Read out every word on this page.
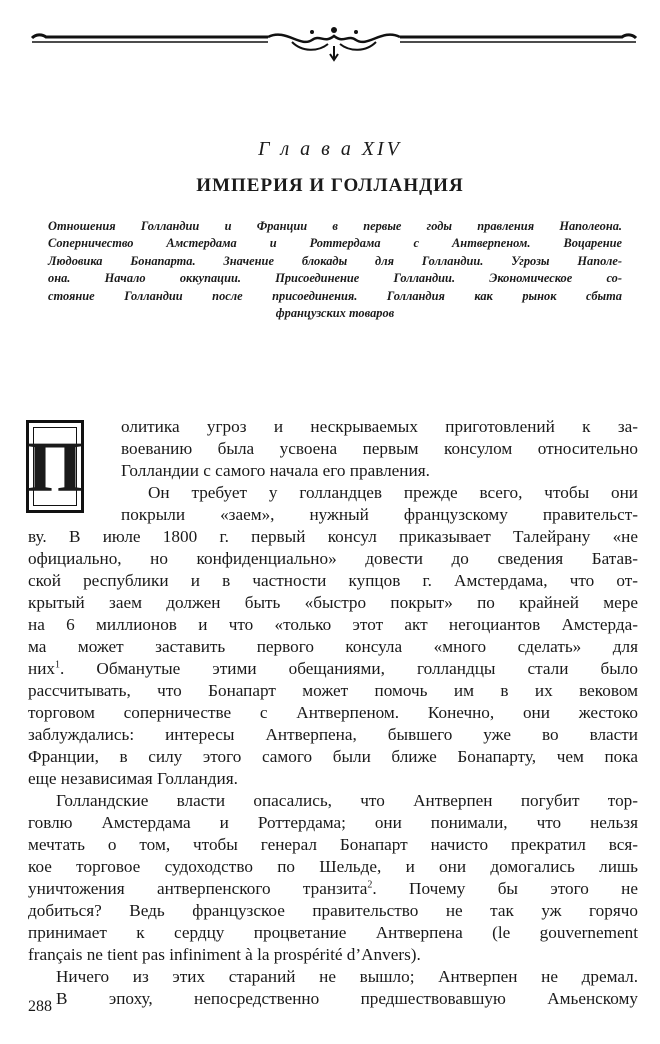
Г л а в а XIV
ИМПЕРИЯ И ГОЛЛАНДИЯ
Отношения Голландии и Франции в первые годы правления Наполеона.
Соперничество Амстердама и Роттердама с Антверпеном. Воцарение
Людовика Бонапарта. Значение блокады для Голландии. Угрозы Наполе-
она. Начало оккупации. Присоединение Голландии. Экономическое со-
стояние Голландии после присоединения. Голландия как рынок сбыта
французских товаров
П	олитика угроз и нескрываемых приготовлений к за-
воеванию была усвоена первым консулом относительно
Голландии с самого начала его правления.
Он требует у голландцев прежде всего, чтобы они
покрыли «заем», нужный французскому правительст-
ву. В июле 1800 г. первый консул приказывает Талейрану «не
официально, но конфиденциально» довести до сведения Батав-
ской республики и в частности купцов г. Амстердама, что от-
крытый заем должен быть «быстро покрыт» по крайней мере
на 6 миллионов и что «только этот акт негоциантов Амстерда-
ма может заставить первого консула «много сделать» для
них$^1$. Обманутые этими обещаниями, голландцы стали было
рассчитывать, что Бонапарт может помочь им в их вековом
торговом соперничестве с Антверпеном. Конечно, они жестоко
заблуждались: интересы Антверпена, бывшего уже во власти
Франции, в силу этого самого были ближе Бонапарту, чем пока
еще независимая Голландия.
Голландские власти опасались, что Антверпен погубит тор-
говлю Амстердама и Роттердама; они понимали, что нельзя
мечтать о том, чтобы генерал Бонапарт начисто прекратил вся-
кое торговое судоходство по Шельде, и они домогались лишь
уничтожения антверпенского транзита$^2$. Почему бы этого не
добиться? Ведь французское правительство не так уж горячо
принимает к сердцу процветание Антверпена (le gouvernement
français ne tient pas infiniment à la prospérité d’Anvers).
Ничего из этих стараний не вышло; Антверпен не дремал.
В эпоху, непосредственно предшествовавшую Амьенскому
288
